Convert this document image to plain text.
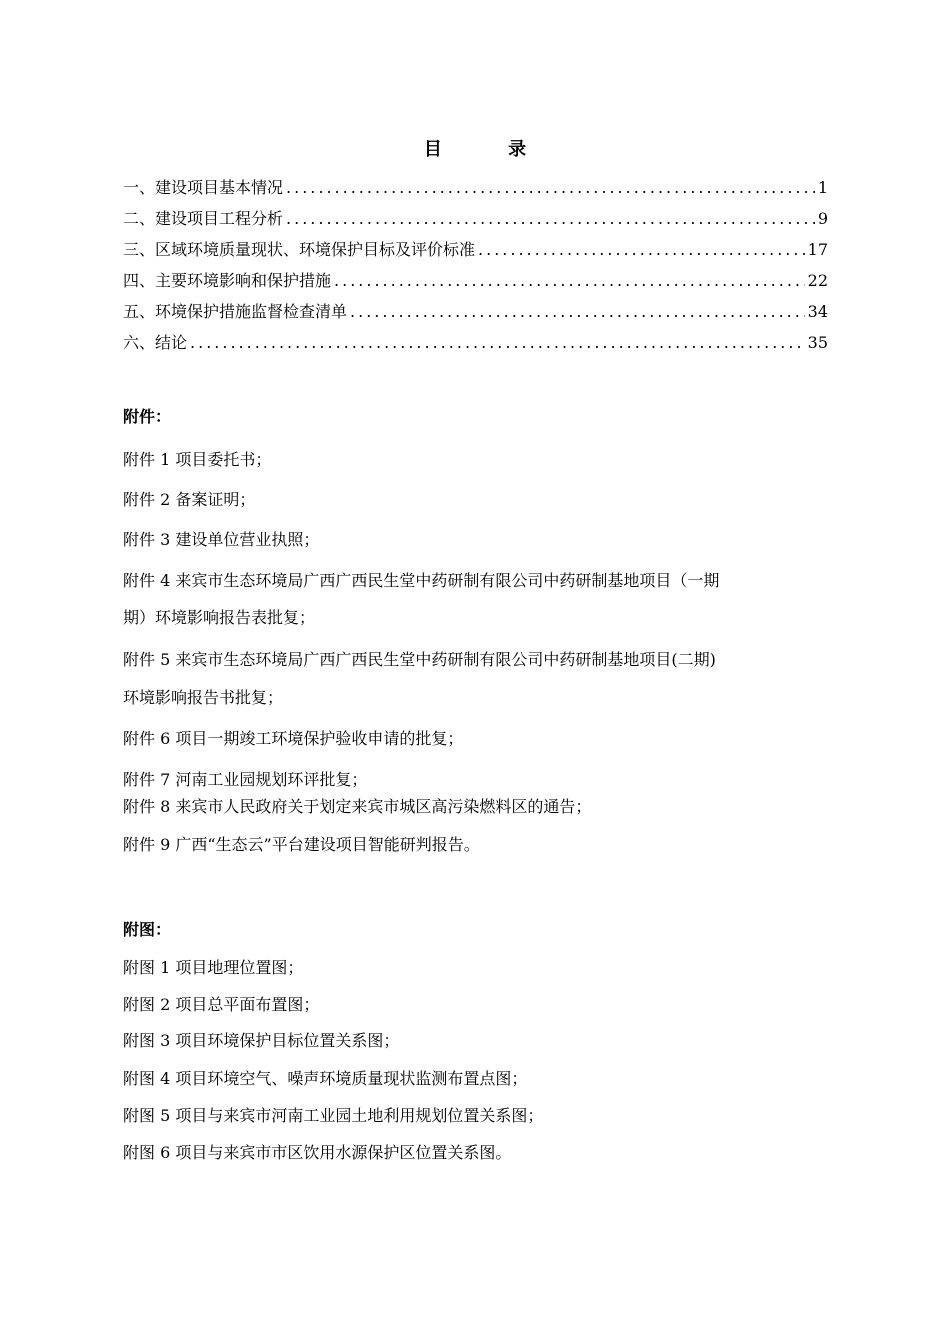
目 录
一、建设项目基本情况 .....	1
二、建设项目工程分析 .....	9
三、区域环境质量现状、环境保护目标及评价标准 .....	17
四、主要环境影响和保护措施 .....	22
五、环境保护措施监督检查清单 .....	34
六、结论 .....	35
附件：
附件 1 项目委托书；
附件 2 备案证明；
附件 3 建设单位营业执照；
附件 4 来宾市生态环境局广西广西民生堂中药研制有限公司中药研制基地项目（一期
期）环境影响报告表批复；
附件 5 来宾市生态环境局广西广西民生堂中药研制有限公司中药研制基地项目(二期)
环境影响报告书批复；
附件 6 项目一期竣工环境保护验收申请的批复；
附件 7 河南工业园规划环评批复；
附件 8 来宾市人民政府关于划定来宾市城区高污染燃料区的通告；
附件 9 广西“生态云”平台建设项目智能研判报告。
附图：
附图 1 项目地理位置图；
附图 2 项目总平面布置图；
附图 3 项目环境保护目标位置关系图；
附图 4 项目环境空气、噪声环境质量现状监测布置点图；
附图 5 项目与来宾市河南工业园土地利用规划位置关系图；
附图 6 项目与来宾市市区饮用水源保护区位置关系图。
